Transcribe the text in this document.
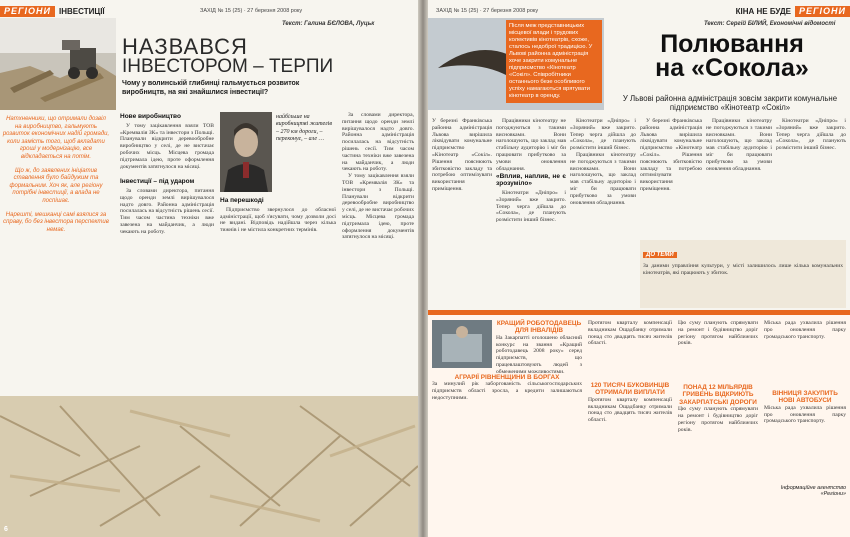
РЕГІОНИ	ІНВЕСТИЦІЇ	ЗАХІД № 15 (25) · 27 березня 2008 року
Текст: Галина БЄЛОВА, Луцьк
НАЗВАВСЯ
ІНВЕСТОРОМ – ТЕРПИ
Чому у волинській глибинці гальмується розвиток виробництв, на які знайшлися інвестиції?
Натхненники, що отримали дозвіл на виробництво, гальмують розвиток економічних надій громади, коли замість того, щоб вкладати гроші у модернізацію, все відкладається на потім.
Що ж, до заявлених ініціатив ставлення було байдужим та формальним. Хоч як, але регіону потрібні інвестиції, а влада не поспішає.
Нарешті, мешканці самі взялися за справу, бо без інвестора перспектив немає.
Нове виробництво

У тому зацікавлення взяли ТОВ «Кремвалія ЗК» та інвестори з Польщі. Планували відкрити деревообробне виробництво у селі, де не вистачає робочих місць. Місцева громада підтримала ідею, проте оформлення документів затягнулося на місяці.

Інвестиції – під ударом

За словами директора, питання щодо оренди землі вирішувалося надто довго. Районна адміністрація посилалась на відсутність рішень сесії. Тим часом частина техніки вже завезена на майданчик, а люди чекають на роботу.

найбільше на виробництві жителів – 270 км дороги, – переконує, – але …
На перешкоді

Підприємство звернулося до обласної адміністрації, щоб з'ясувати, чому дозволи досі не видані. Відповідь надійшла через кілька тижнів і не містила конкретних термінів.

За словами директора, питання щодо оренди землі вирішувалося надто довго. Районна адміністрація посилалась на відсутність рішень сесії. Тим часом частина техніки вже завезена на майданчик, а люди чекають на роботу.

У тому зацікавлення взяли ТОВ «Кремвалія ЗК» та інвестори з Польщі. Планували відкрити деревообробне виробництво у селі, де не вистачає робочих місць. Місцева громада підтримала ідею, проте оформлення документів затягнулося на місяці.

6
ЗАХІД № 15 (25) · 27 березня 2008 року	КІНА НЕ БУДЕ РЕГІОНИ
Текст: Сергій БІЛИЙ, Економічні відомості
Після меж представницьких місцевої влади і трудових колективів кінотеатрів, схоже, сталось недоброї традицією. У Львові районна адміністрація хоче закрити комунальне підприємство «Кінотеатр «Сокіл». Співробітники останнього безе особливого успіху намагаються врятувати кінотеатр в оренду.
Полювання
на «Сокола»
У Львові районна адміністрація зовсім закрити комунальне підприємство «Кінотеатр «Сокіл»

У березні Франківська районна адміністрація Львова вирішила ліквідувати комунальне підприємство «Кінотеатр «Сокіл». Рішення пояснюють збитковістю закладу та потребою оптимізувати використання приміщення.

Працівники кінотеатру не погоджуються з такими висновками. Вони наголошують, що заклад мав стабільну аудиторію і міг би працювати прибутково за умови оновлення обладнання.

«Вплив, наплив, не є зрозуміло»

Кінотеатри «Дніпро» і «Зоряний» вже закрито. Тепер черга дійшла до «Сокола», де планують розмістити інший бізнес.

Кінотеатри «Дніпро» і «Зоряний» вже закрито. Тепер черга дійшла до «Сокола», де планують розмістити інший бізнес.

Працівники кінотеатру не погоджуються з такими висновками. Вони наголошують, що заклад мав стабільну аудиторію і міг би працювати прибутково за умови оновлення обладнання.

У березні Франківська районна адміністрація Львова вирішила ліквідувати комунальне підприємство «Кінотеатр «Сокіл». Рішення пояснюють збитковістю закладу та потребою оптимізувати використання приміщення.

Працівники кінотеатру не погоджуються з такими висновками. Вони наголошують, що заклад мав стабільну аудиторію і міг би працювати прибутково за умови оновлення обладнання.

Кінотеатри «Дніпро» і «Зоряний» вже закрито. Тепер черга дійшла до «Сокола», де планують розмістити інший бізнес.

ДО ТЕМИ
За даними управління культури, у місті залишилось лише кілька комунальних кінотеатрів, які працюють у збиток.
КРАЩИЙ РОБОТОДАВЕЦЬ ДЛЯ ІНВАЛІДІВ
На Закарпатті оголошено обласний конкурс на звання «Кращий роботодавець 2008 року» серед підприємств, що працевлаштовують людей з обмеженими можливостями.
Протягом кварталу компенсації вкладникам Ощадбанку отримали понад сто двадцять тисяч жителів області.
120 ТИСЯЧ БУКОВИНЦІВ ОТРИМАЛИ ВИПЛАТИ
Протягом кварталу компенсації вкладникам Ощадбанку отримали понад сто двадцять тисяч жителів області.
АГРАРІЇ РІВНЕНЩИНИ В БОРГАХ
За минулий рік заборгованість сільськогосподарських підприємств області зросла, а кредити залишаються недоступними.
Цю суму планують спрямувати на ремонт і будівництво доріг регіону протягом найближчих років.
ПОНАД 12 МІЛЬЯРДІВ ГРИВЕНЬ ВІДКРИЮТЬ ЗАКАРПАТСЬКІ ДОРОГИ
Цю суму планують спрямувати на ремонт і будівництво доріг регіону протягом найближчих років.
Міська рада ухвалила рішення про оновлення парку громадського транспорту.
ВІННИЦЯ ЗАКУПИТЬ НОВІ АВТОБУСИ
Міська рада ухвалила рішення про оновлення парку громадського транспорту.
Інформаційне агентство «Регіони»
